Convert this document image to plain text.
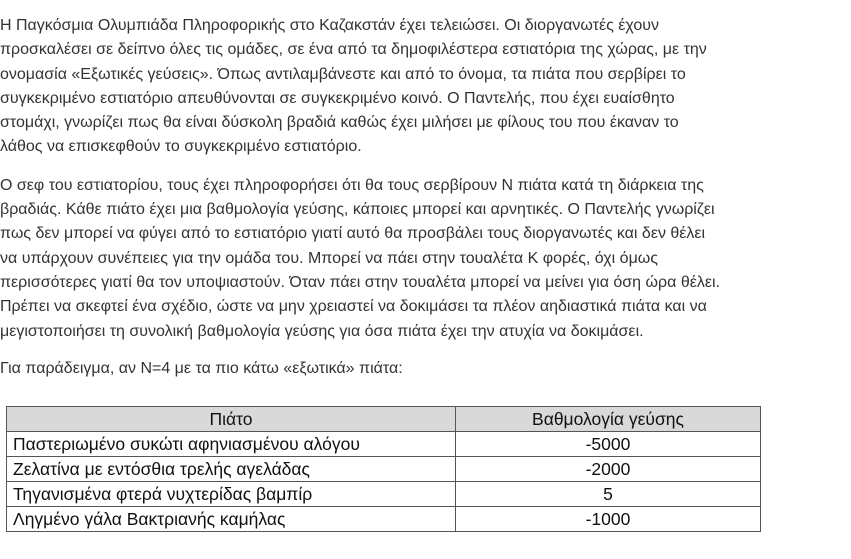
Η Παγκόσμια Ολυμπιάδα Πληροφορικής στο Καζακστάν έχει τελειώσει. Οι διοργανωτές έχουν
προσκαλέσει σε δείπνο όλες τις ομάδες, σε ένα από τα δημοφιλέστερα εστιατόρια της χώρας, με την
ονομασία «Εξωτικές γεύσεις». Όπως αντιλαμβάνεστε και από το όνομα, τα πιάτα που σερβίρει το
συγκεκριμένο εστιατόριο απευθύνονται σε συγκεκριμένο κοινό. Ο Παντελής, που έχει ευαίσθητο
στομάχι, γνωρίζει πως θα είναι δύσκολη βραδιά καθώς έχει μιλήσει με φίλους του που έκαναν το
λάθος να επισκεφθούν το συγκεκριμένο εστιατόριο.

Ο σεφ του εστιατορίου, τους έχει πληροφορήσει ότι θα τους σερβίρουν N πιάτα κατά τη διάρκεια της
βραδιάς. Κάθε πιάτο έχει μια βαθμολογία γεύσης, κάποιες μπορεί και αρνητικές. Ο Παντελής γνωρίζει
πως δεν μπορεί να φύγει από το εστιατόριο γιατί αυτό θα προσβάλει τους διοργανωτές και δεν θέλει
να υπάρχουν συνέπειες για την ομάδα του. Μπορεί να πάει στην τουαλέτα K φορές, όχι όμως
περισσότερες γιατί θα τον υποψιαστούν. Όταν πάει στην τουαλέτα μπορεί να μείνει για όση ώρα θέλει.
Πρέπει να σκεφτεί ένα σχέδιο, ώστε να μην χρειαστεί να δοκιμάσει τα πλέον αηδιαστικά πιάτα και να
μεγιστοποιήσει τη συνολική βαθμολογία γεύσης για όσα πιάτα έχει την ατυχία να δοκιμάσει.

Για παράδειγμα, αν N=4 με τα πιο κάτω «εξωτικά» πιάτα:

Πιάτο	Βαθμολογία γεύσης
Παστεριωμένο συκώτι αφηνιασμένου αλόγου	-5000
Ζελατίνα με εντόσθια τρελής αγελάδας	-2000
Τηγανισμένα φτερά νυχτερίδας βαμπίρ	5
Ληγμένο γάλα Βακτριανής καμήλας	-1000
